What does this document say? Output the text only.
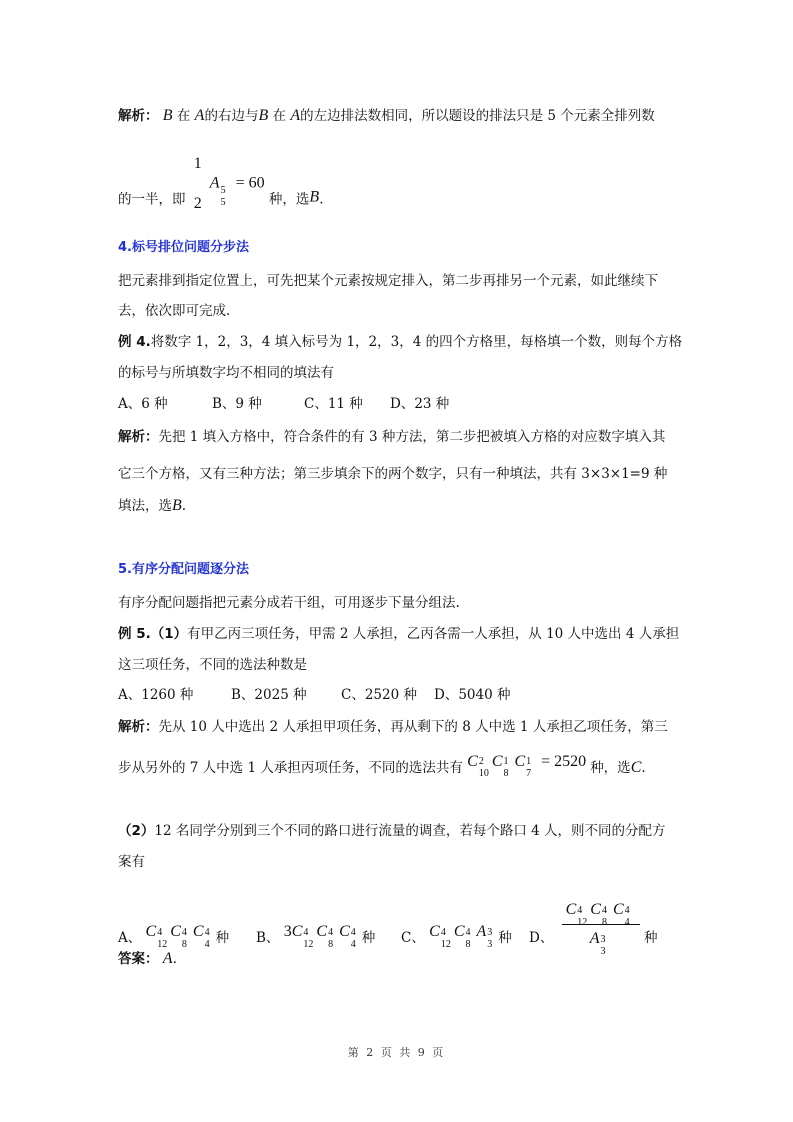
解析： B 在 A的右边与B 在 A的左边排法数相同，所以题设的排法只是 5 个元素全排列数
的一半，即
1
2
A 5
5
= 60 种，选B.
4.标号排位问题分步法
把元素排到指定位置上，可先把某个元素按规定排入，第二步再排另一个元素，如此继续下
去，依次即可完成.
例 4.将数字 1，2，3，4 填入标号为 1，2，3，4 的四个方格里，每格填一个数，则每个方格
的标号与所填数字均不相同的填法有
A、6 种	B、9 种	C、11 种 D、23 种
解析：先把 1 填入方格中，符合条件的有 3 种方法，第二步把被填入方格的对应数字填入其
它三个方格，又有三种方法；第三步填余下的两个数字，只有一种填法，共有 3×3×1=9 种
填法，选B.
5.有序分配问题逐分法
有序分配问题指把元素分成若干组，可用逐步下量分组法.
例 5.（1）有甲乙丙三项任务，甲需 2 人承担，乙丙各需一人承担，从 10 人中选出 4 人承担
这三项任务，不同的选法种数是
A、1260 种	B、2025 种	C、2520 种 D、5040 种
解析：先从 10 人中选出 2 人承担甲项任务，再从剩下的 8 人中选 1 人承担乙项任务，第三
步从另外的 7 人中选 1 人承担丙项任务，不同的选法共有 C 2
10
C 1
8
C 1
7
= 2520 种，选C.
（2）12 名同学分别到三个不同的路口进行流量的调查，若每个路口 4 人，则不同的分配方
案有
A、 C 4
12
C 4
8
C 4
4 种 B、 3C 4
12
C 4
8
C 4
4 种 C、 C 4
12
C 4
8
A 3
3 种 D、 C 4
12
C 4
8
C 4
4
A 3
3 种
答案： A.
第 2 页 共 9 页
